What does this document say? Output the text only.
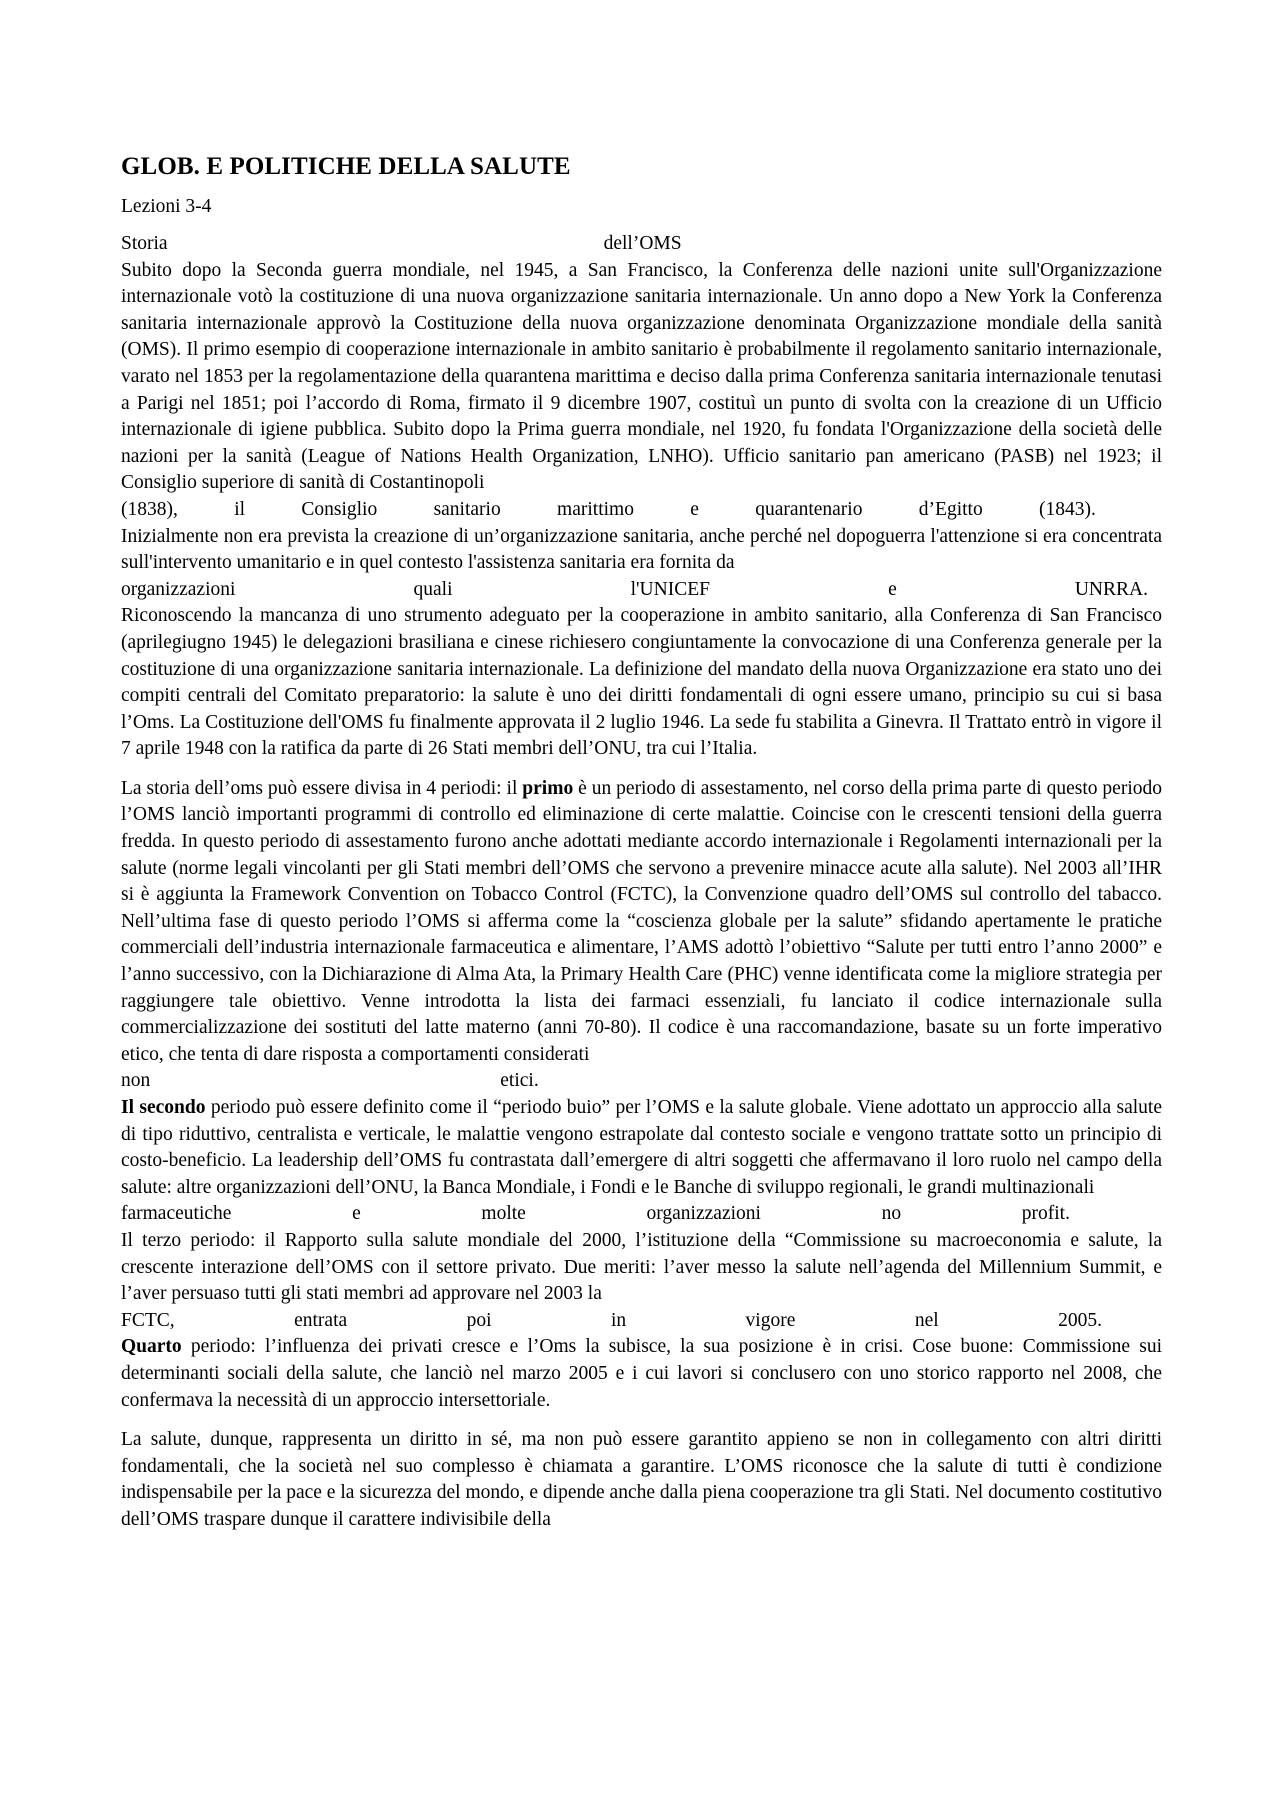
GLOB. E POLITICHE DELLA SALUTE

Lezioni 3-4

Storia	dell’OMS

Subito dopo la Seconda guerra mondiale, nel 1945, a San Francisco, la Conferenza delle nazioni unite sull'Organizzazione internazionale votò la costituzione di una nuova organizzazione sanitaria internazionale. Un anno dopo a New York la Conferenza sanitaria internazionale approvò la Costituzione della nuova organizzazione denominata Organizzazione mondiale della sanità (OMS). Il primo esempio di cooperazione internazionale in ambito sanitario è probabilmente il regolamento sanitario internazionale, varato nel 1853 per la regolamentazione della quarantena marittima e deciso dalla prima Conferenza sanitaria internazionale tenutasi a Parigi nel 1851; poi l’accordo di Roma, firmato il 9 dicembre 1907, costituì un punto di svolta con la creazione di un Ufficio internazionale di igiene pubblica. Subito dopo la Prima guerra mondiale, nel 1920, fu fondata l'Organizzazione della società delle nazioni per la sanità (League of Nations Health Organization, LNHO). Ufficio sanitario pan americano (PASB) nel 1923; il Consiglio superiore di sanità di Costantinopoli

(1838),	il	Consiglio	sanitario	marittimo	e	quarantenario	d’Egitto	(1843).

Inizialmente non era prevista la creazione di un’organizzazione sanitaria, anche perché nel dopoguerra l'attenzione si era concentrata sull'intervento umanitario e in quel contesto l'assistenza sanitaria era fornita da

organizzazioni	quali	l'UNICEF	e	UNRRA.

Riconoscendo la mancanza di uno strumento adeguato per la cooperazione in ambito sanitario, alla Conferenza di San Francisco (aprilegiugno 1945) le delegazioni brasiliana e cinese richiesero congiuntamente la convocazione di una Conferenza generale per la costituzione di una organizzazione sanitaria internazionale. La definizione del mandato della nuova Organizzazione era stato uno dei compiti centrali del Comitato preparatorio: la salute è uno dei diritti fondamentali di ogni essere umano, principio su cui si basa l’Oms. La Costituzione dell'OMS fu finalmente approvata il 2 luglio 1946. La sede fu stabilita a Ginevra. Il Trattato entrò in vigore il 7 aprile 1948 con la ratifica da parte di 26 Stati membri dell’ONU, tra cui l’Italia.

La storia dell’oms può essere divisa in 4 periodi: il primo è un periodo di assestamento, nel corso della prima parte di questo periodo l’OMS lanciò importanti programmi di controllo ed eliminazione di certe malattie. Coincise con le crescenti tensioni della guerra fredda. In questo periodo di assestamento furono anche adottati mediante accordo internazionale i Regolamenti internazionali per la salute (norme legali vincolanti per gli Stati membri dell’OMS che servono a prevenire minacce acute alla salute). Nel 2003 all’IHR si è aggiunta la Framework Convention on Tobacco Control (FCTC), la Convenzione quadro dell’OMS sul controllo del tabacco. Nell’ultima fase di questo periodo l’OMS si afferma come la “coscienza globale per la salute” sfidando apertamente le pratiche commerciali dell’industria internazionale farmaceutica e alimentare, l’AMS adottò l’obiettivo “Salute per tutti entro l’anno 2000” e l’anno successivo, con la Dichiarazione di Alma Ata, la Primary Health Care (PHC) venne identificata come la migliore strategia per raggiungere tale obiettivo. Venne introdotta la lista dei farmaci essenziali, fu lanciato il codice internazionale sulla commercializzazione dei sostituti del latte materno (anni 70-80). Il codice è una raccomandazione, basate su un forte imperativo etico, che tenta di dare risposta a comportamenti considerati

non	etici.

Il secondo periodo può essere definito come il “periodo buio” per l’OMS e la salute globale. Viene adottato un approccio alla salute di tipo riduttivo, centralista e verticale, le malattie vengono estrapolate dal contesto sociale e vengono trattate sotto un principio di costo-beneficio. La leadership dell’OMS fu contrastata dall’emergere di altri soggetti che affermavano il loro ruolo nel campo della salute: altre organizzazioni dell’ONU, la Banca Mondiale, i Fondi e le Banche di sviluppo regionali, le grandi multinazionali

farmaceutiche	e	molte	organizzazioni	no	profit.

Il terzo periodo: il Rapporto sulla salute mondiale del 2000, l’istituzione della “Commissione su macroeconomia e salute, la crescente interazione dell’OMS con il settore privato. Due meriti: l’aver messo la salute nell’agenda del Millennium Summit, e l’aver persuaso tutti gli stati membri ad approvare nel 2003 la

FCTC,	entrata	poi	in	vigore	nel	2005.

Quarto periodo: l’influenza dei privati cresce e l’Oms la subisce, la sua posizione è in crisi. Cose buone: Commissione sui determinanti sociali della salute, che lanciò nel marzo 2005 e i cui lavori si conclusero con uno storico rapporto nel 2008, che confermava la necessità di un approccio intersettoriale.

La salute, dunque, rappresenta un diritto in sé, ma non può essere garantito appieno se non in collegamento con altri diritti fondamentali, che la società nel suo complesso è chiamata a garantire. L’OMS riconosce che la salute di tutti è condizione indispensabile per la pace e la sicurezza del mondo, e dipende anche dalla piena cooperazione tra gli Stati. Nel documento costitutivo dell’OMS traspare dunque il carattere indivisibile della
